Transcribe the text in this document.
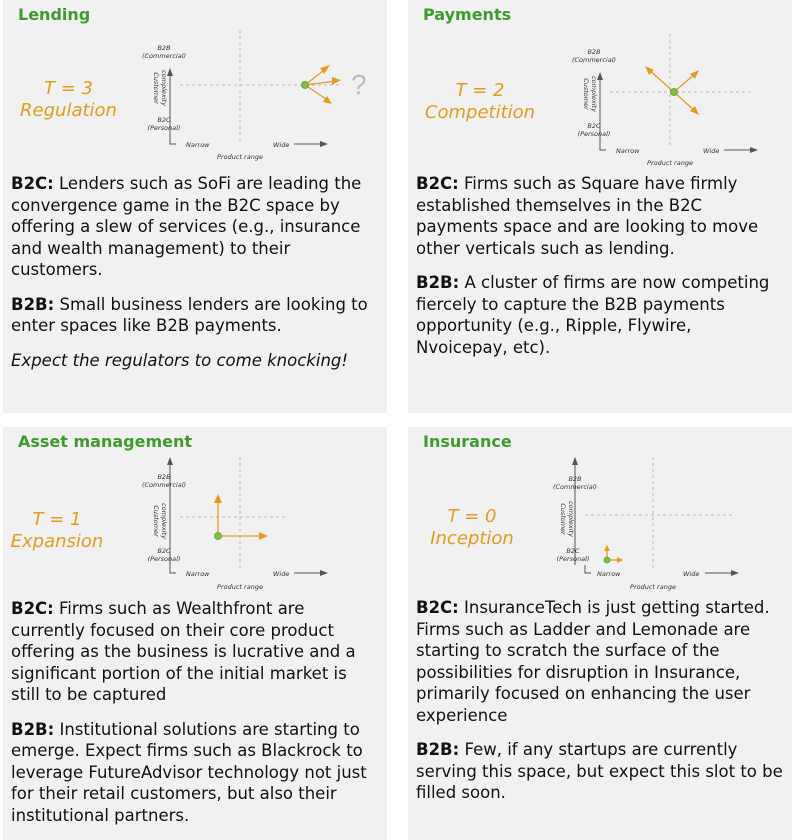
Lending
T = 3
Regulation
B2B
(Commercial)
B2C
(Personal)
Customer complexity
Narrow	Wide
Product range
?

B2C: Lenders such as SoFi are leading the convergence game in the B2C space by offering a slew of services (e.g., insurance and wealth management) to their customers.

B2B: Small business lenders are looking to enter spaces like B2B payments.

Expect the regulators to come knocking!

Payments
T = 2
Competition
B2B
(Commercial)
B2C
(Personal)
Customer complexity
Narrow	Wide
Product range

B2C: Firms such as Square have firmly established themselves in the B2C payments space and are looking to move other verticals such as lending.

B2B: A cluster of firms are now competing fiercely to capture the B2B payments opportunity (e.g., Ripple, Flywire, Nvoicepay, etc).

Asset management
T = 1
Expansion
B2B
(Commercial)
B2C
(Personal)
Customer complexity
Narrow	Wide
Product range

B2C: Firms such as Wealthfront are currently focused on their core product offering as the business is lucrative and a significant portion of the initial market is still to be captured

B2B: Institutional solutions are starting to emerge. Expect firms such as Blackrock to leverage FutureAdvisor technology not just for their retail customers, but also their institutional partners.

Insurance
T = 0
Inception
B2B
(Commercial)
B2C
(Personal)
Customer complexity
Narrow	Wide
Product range

B2C: InsuranceTech is just getting started. Firms such as Ladder and Lemonade are starting to scratch the surface of the possibilities for disruption in Insurance, primarily focused on enhancing the user experience

B2B: Few, if any startups are currently serving this space, but expect this slot to be filled soon.
